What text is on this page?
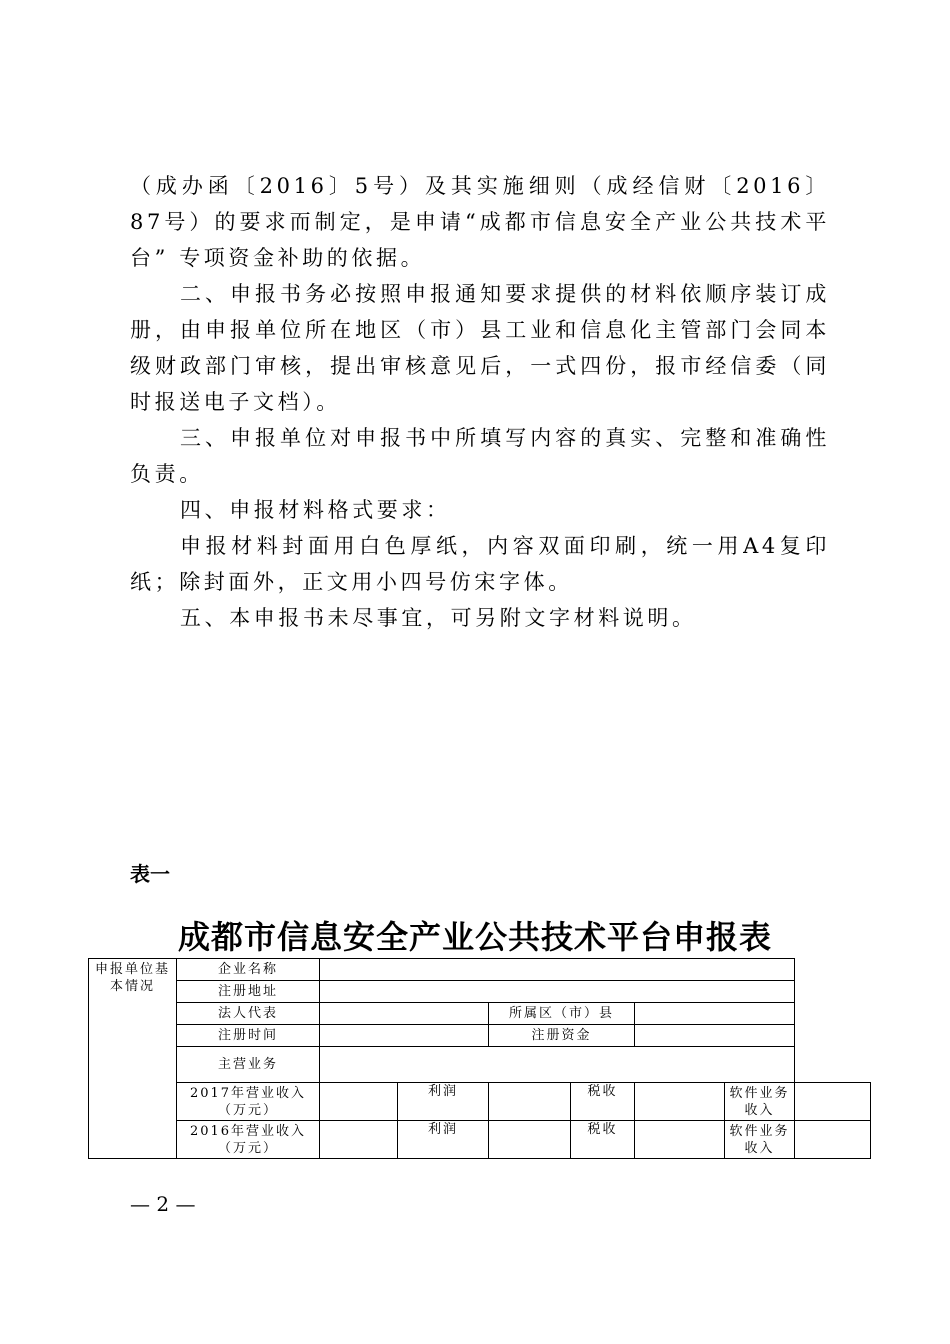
（成办函〔2016〕5号）及其实施细则（成经信财〔2016〕87号）的要求而制定，是申请“成都市信息安全产业公共技术平台” 专项资金补助的依据。

二、申报书务必按照申报通知要求提供的材料依顺序装订成册，由申报单位所在地区（市）县工业和信息化主管部门会同本级财政部门审核，提出审核意见后，一式四份，报市经信委（同时报送电子文档）。

三、申报单位对申报书中所填写内容的真实、完整和准确性负责。

四、申报材料格式要求：

申报材料封面用白色厚纸，内容双面印刷，统一用A4复印纸；除封面外，正文用小四号仿宋字体。

五、本申报书未尽事宜，可另附文字材料说明。

表一
成都市信息安全产业公共技术平台申报表
申报单位基本情况	企业名称							
	注册地址							
	法人代表			所属区（市）县				
	注册时间			注册资金				
	主营业务							
	2017年营业收入（万元）		利润		税收		软件业务收入	
	2016年营业收入（万元）		利润		税收		软件业务收入	
— 2 —
